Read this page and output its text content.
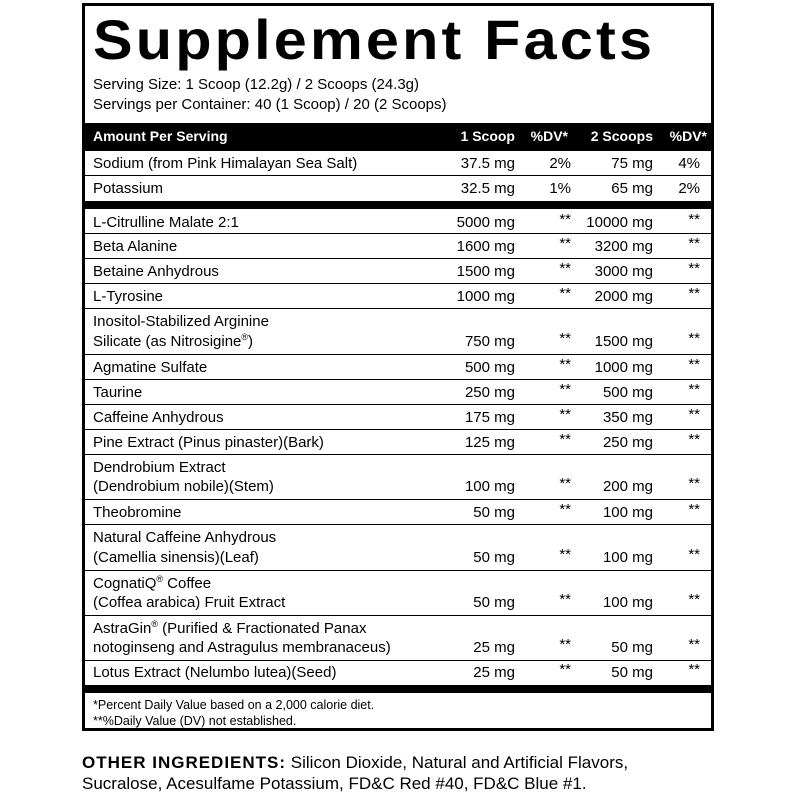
Supplement Facts
Serving Size: 1 Scoop (12.2g) / 2 Scoops (24.3g)
Servings per Container: 40 (1 Scoop) / 20 (2 Scoops)
Amount Per Serving	1 Scoop %DV* 2 Scoops %DV*
Sodium (from Pink Himalayan Sea Salt)	37.5 mg 2%	75 mg 4%
Potassium	32.5 mg 1%	65 mg 2%
L-Citrulline Malate 2:1	5000 mg	** 10000 mg **
Beta Alanine	1600 mg	** 3200 mg **
Betaine Anhydrous	1500 mg	** 3000 mg **
L-Tyrosine	1000 mg	** 2000 mg **
Inositol-Stabilized Arginine
Silicate (as Nitrosigine®)	750 mg	** 1500 mg **
Agmatine Sulfate	500 mg	** 1000 mg **
Taurine	250 mg	** 500 mg **
Caffeine Anhydrous	175 mg	** 350 mg **
Pine Extract (Pinus pinaster)(Bark)	125 mg	** 250 mg **
Dendrobium Extract
(Dendrobium nobile)(Stem)	100 mg	** 200 mg **
Theobromine	50 mg	** 100 mg **
Natural Caffeine Anhydrous
(Camellia sinensis)(Leaf)	50 mg	** 100 mg **
CognatiQ® Coffee
(Coffea arabica) Fruit Extract	50 mg	** 100 mg **
AstraGin® (Purified & Fractionated Panax
notoginseng and Astragulus membranaceus)	25 mg	**	50 mg **
Lotus Extract (Nelumbo lutea)(Seed)	25 mg	**	50 mg **
*Percent Daily Value based on a 2,000 calorie diet.
**%Daily Value (DV) not established.
OTHER INGREDIENTS: Silicon Dioxide, Natural and Artificial Flavors, Sucralose, Acesulfame Potassium, FD&C Red #40, FD&C Blue #1.
